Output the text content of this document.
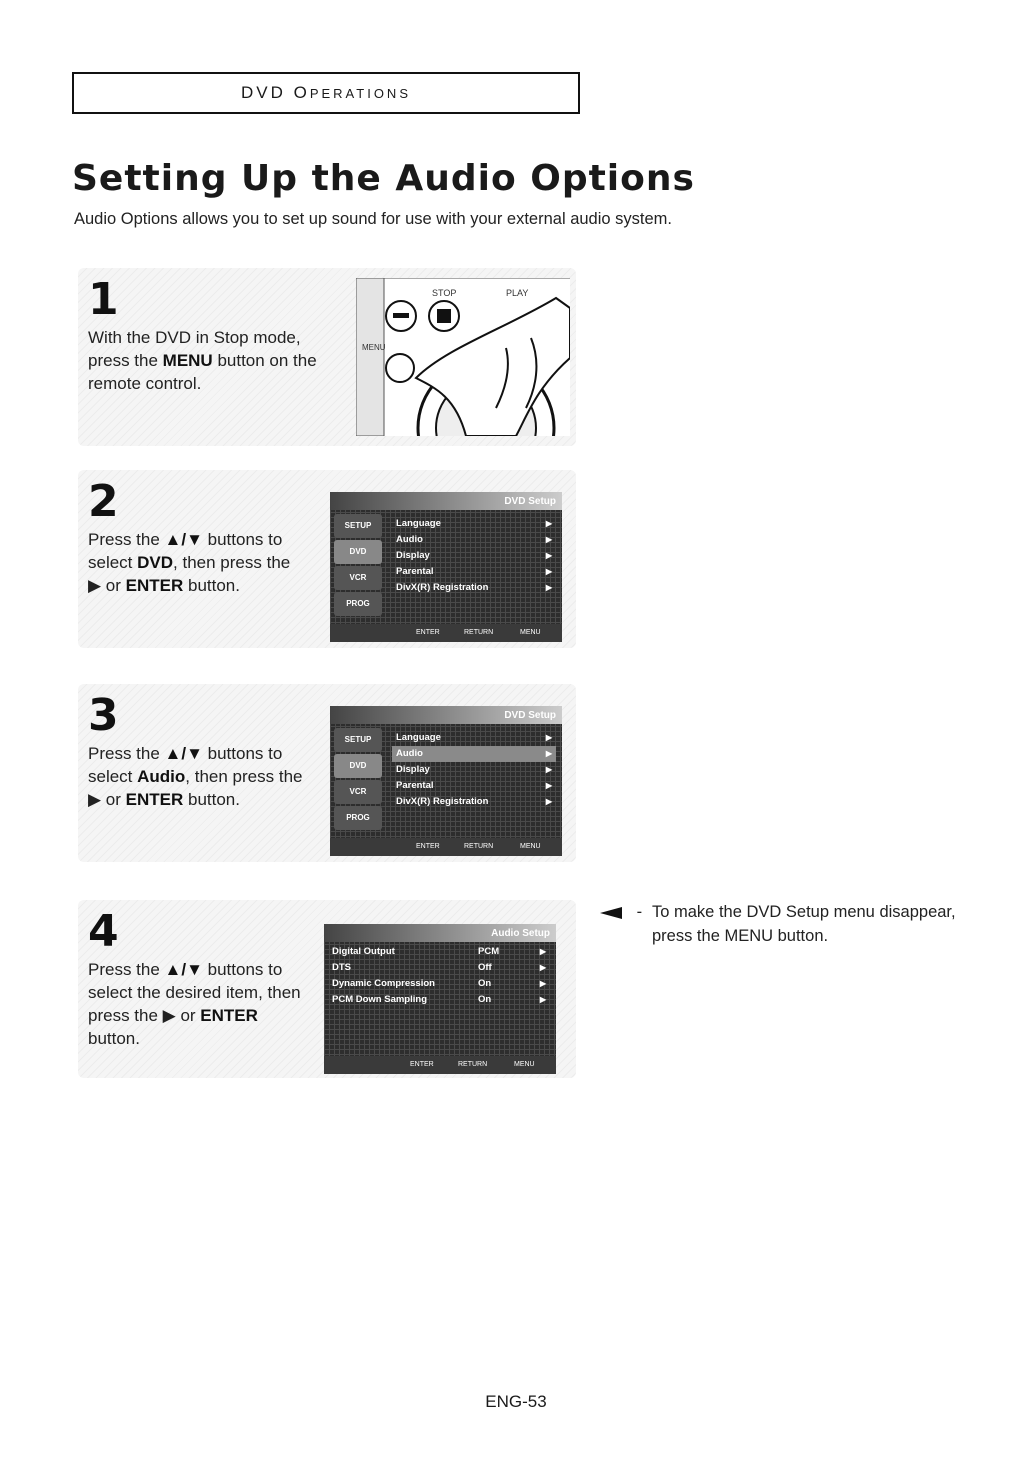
DVD O PERATIONS
Setting Up the Audio Options
Audio Options allows you to set up sound for use with your external audio system.
1
With the DVD in Stop mode,
press the MENU button on the
remote control.
STOP	PLAY
MENU
2
Press the ▲/▼ buttons to
select DVD, then press the
▶ or ENTER button.
DVD Setup
SETUP
DVD
VCR
PROG
Language	▶
Audio	▶
Display	▶
Parental	▶
DivX(R) Registration	▶
ENTER	RETURN	MENU
3
Press the ▲/▼ buttons to
select Audio, then press the
▶ or ENTER button.
DVD Setup
SETUP
DVD
VCR
PROG
Language	▶
Audio	▶
Display	▶
Parental	▶
DivX(R) Registration	▶
ENTER	RETURN	MENU
4
Press the ▲/▼ buttons to
select the desired item, then
press the ▶ or ENTER
button.
Audio Setup
Digital Output	PCM	▶
DTS	Off	▶
Dynamic Compression	On	▶
PCM Down Sampling	On	▶
ENTER	RETURN	MENU
- To make the DVD Setup menu disappear, press the MENU button.
ENG-53
